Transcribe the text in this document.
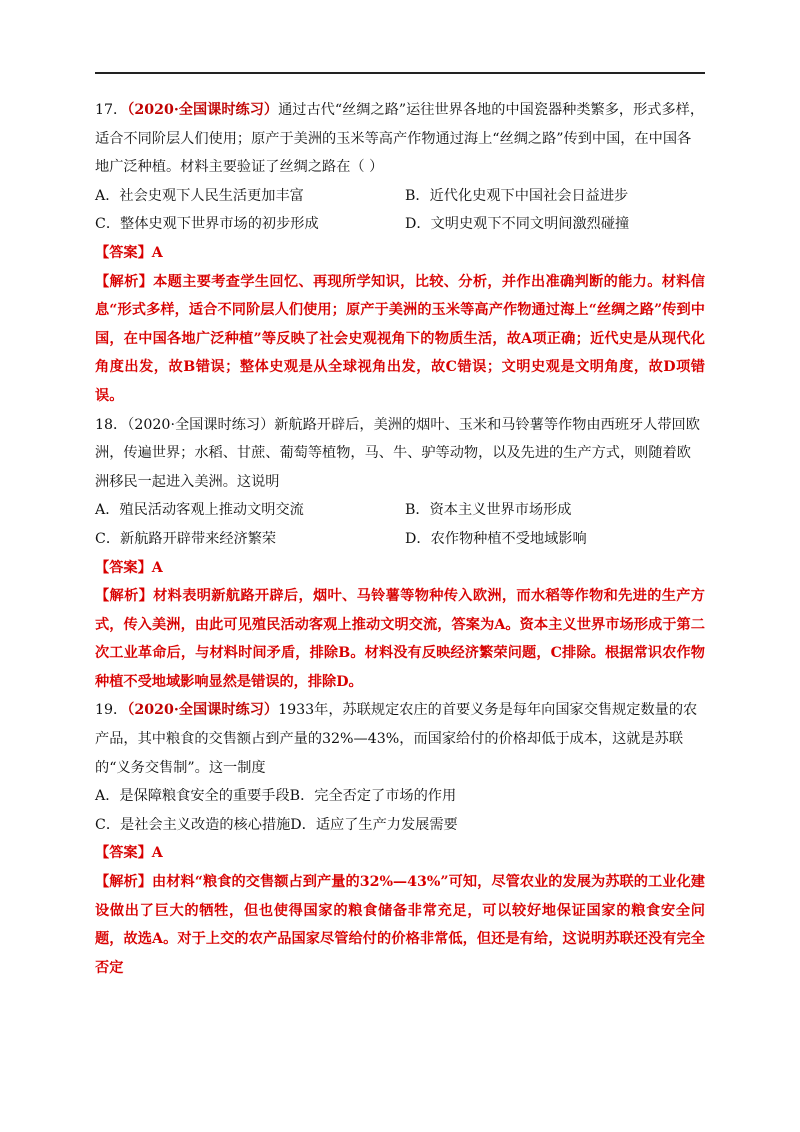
17．（2020·全国课时练习）通过古代“丝绸之路”运往世界各地的中国瓷器种类繁多，形式多样，适合不同阶层人们使用；原产于美洲的玉米等高产作物通过海上“丝绸之路”传到中国，在中国各地广泛种植。材料主要验证了丝绸之路在（ ）

A．社会史观下人民生活更加丰富	B．近代化史观下中国社会日益进步
C．整体史观下世界市场的初步形成	D．文明史观下不同文明间激烈碰撞

【答案】A

【解析】本题主要考查学生回忆、再现所学知识，比较、分析，并作出准确判断的能力。材料信息“形式多样，适合不同阶层人们使用；原产于美洲的玉米等高产作物通过海上“丝绸之路”传到中国，在中国各地广泛种植”等反映了社会史观视角下的物质生活，故A项正确；近代史是从现代化角度出发，故B错误；整体史观是从全球视角出发，故C错误；文明史观是文明角度，故D项错误。

18．（2020·全国课时练习）新航路开辟后，美洲的烟叶、玉米和马铃薯等作物由西班牙人带回欧洲，传遍世界；水稻、甘蔗、葡萄等植物，马、牛、驴等动物，以及先进的生产方式，则随着欧洲移民一起进入美洲。这说明

A．殖民活动客观上推动文明交流	B．资本主义世界市场形成
C．新航路开辟带来经济繁荣	D．农作物种植不受地域影响

【答案】A

【解析】材料表明新航路开辟后，烟叶、马铃薯等物种传入欧洲，而水稻等作物和先进的生产方式，传入美洲，由此可见殖民活动客观上推动文明交流，答案为A。资本主义世界市场形成于第二次工业革命后，与材料时间矛盾，排除B。材料没有反映经济繁荣问题，C排除。根据常识农作物种植不受地域影响显然是错误的，排除D。

19．（2020·全国课时练习）1933年，苏联规定农庄的首要义务是每年向国家交售规定数量的农产品，其中粮食的交售额占到产量的32%—43%，而国家给付的价格却低于成本，这就是苏联的“义务交售制”。这一制度

A．是保障粮食安全的重要手段B．完全否定了市场的作用
C．是社会主义改造的核心措施D．适应了生产力发展需要

【答案】A

【解析】由材料“粮食的交售额占到产量的32%—43%”可知，尽管农业的发展为苏联的工业化建设做出了巨大的牺牲，但也使得国家的粮食储备非常充足，可以较好地保证国家的粮食安全问题，故选A。对于上交的农产品国家尽管给付的价格非常低，但还是有给，这说明苏联还没有完全否定
